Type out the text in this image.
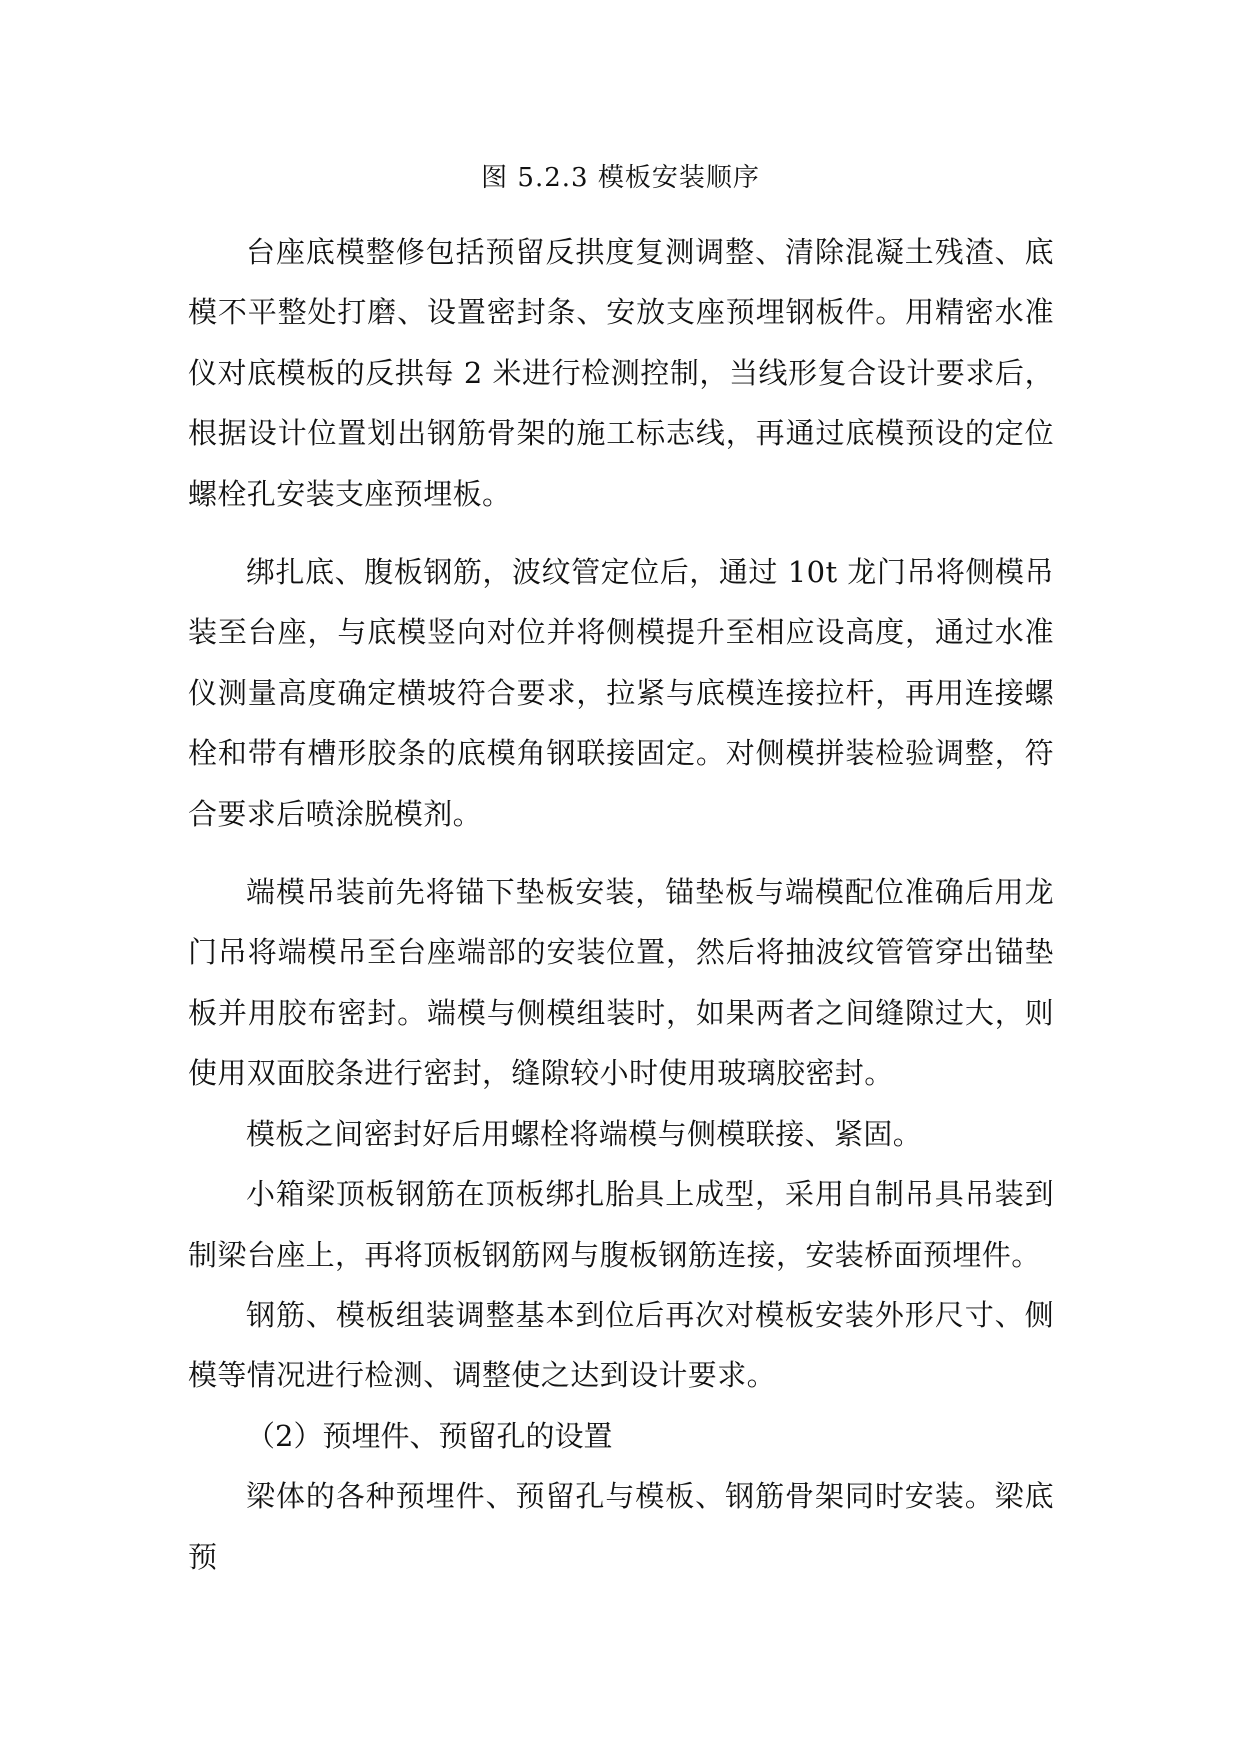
图 5.2.3 模板安装顺序

台座底模整修包括预留反拱度复测调整、清除混凝土残渣、底模不平整处打磨、设置密封条、安放支座预埋钢板件。用精密水准仪对底模板的反拱每 2 米进行检测控制，当线形复合设计要求后，根据设计位置划出钢筋骨架的施工标志线，再通过底模预设的定位螺栓孔安装支座预埋板。

绑扎底、腹板钢筋，波纹管定位后，通过 10t 龙门吊将侧模吊装至台座，与底模竖向对位并将侧模提升至相应设高度，通过水准仪测量高度确定横坡符合要求，拉紧与底模连接拉杆，再用连接螺栓和带有槽形胶条的底模角钢联接固定。对侧模拼装检验调整，符合要求后喷涂脱模剂。

端模吊装前先将锚下垫板安装，锚垫板与端模配位准确后用龙门吊将端模吊至台座端部的安装位置，然后将抽波纹管管穿出锚垫板并用胶布密封。端模与侧模组装时，如果两者之间缝隙过大，则使用双面胶条进行密封，缝隙较小时使用玻璃胶密封。

模板之间密封好后用螺栓将端模与侧模联接、紧固。

小箱梁顶板钢筋在顶板绑扎胎具上成型，采用自制吊具吊装到制梁台座上，再将顶板钢筋网与腹板钢筋连接，安装桥面预埋件。

钢筋、模板组装调整基本到位后再次对模板安装外形尺寸、侧模等情况进行检测、调整使之达到设计要求。

（2）预埋件、预留孔的设置

梁体的各种预埋件、预留孔与模板、钢筋骨架同时安装。梁底预
